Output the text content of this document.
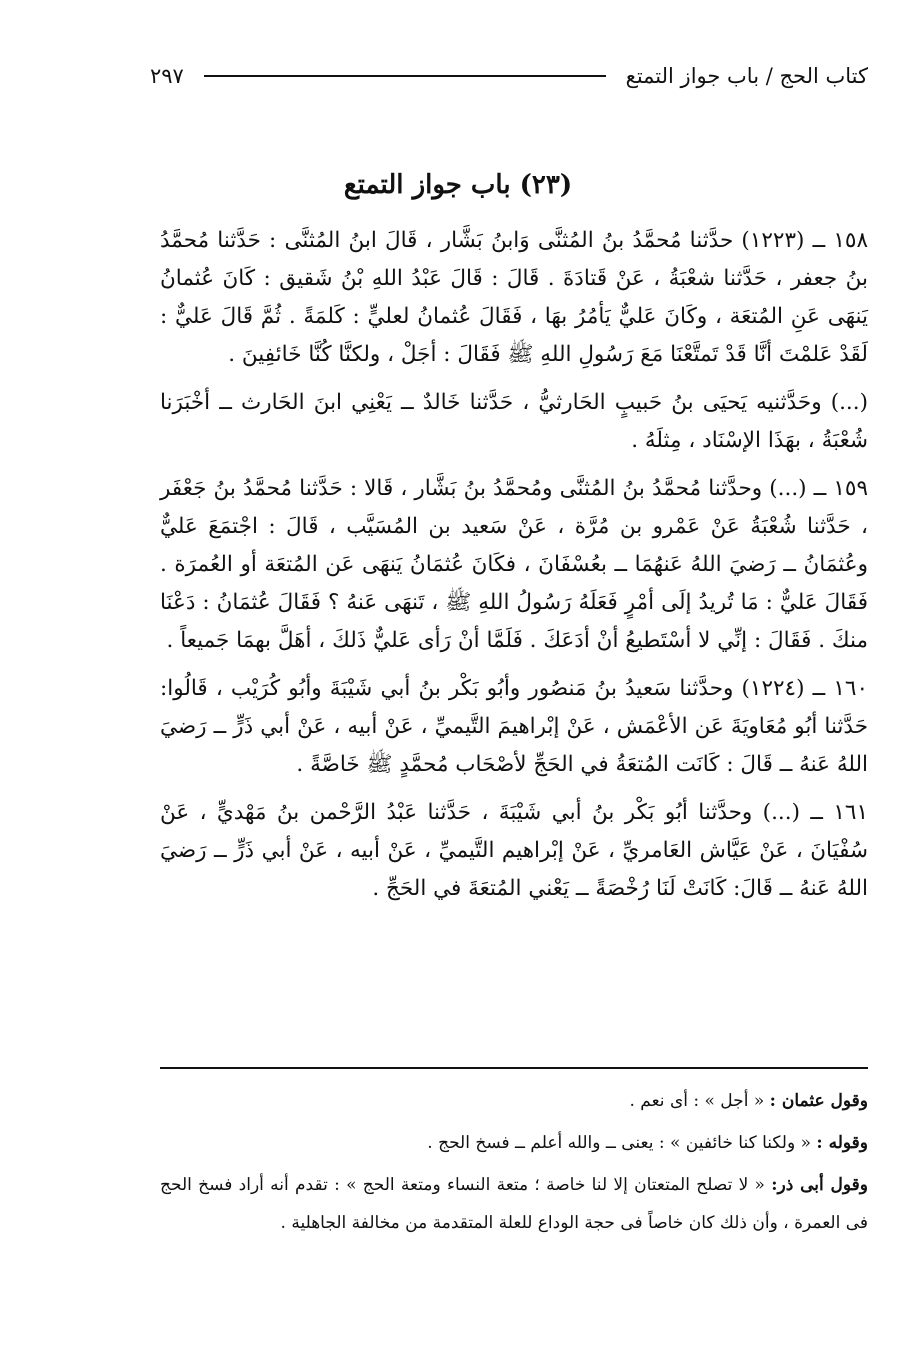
كتاب الحج / باب جواز التمتع
٢٩٧
(٢٣) باب جواز التمتع

١٥٨ ــ (١٢٢٣) حدَّثنا مُحمَّدُ بنُ المُثنَّى وَابنُ بَشَّار ، قَالَ ابنُ المُثنَّى : حَدَّثنا مُحمَّدُ بنُ جعفر ، حَدَّثنا شعْبَةُ ، عَنْ قَتادَةَ . قَالَ : قَالَ عَبْدُ اللهِ بْنُ شَقيق : كَانَ عُثمانُ يَنهَى عَنِ المُتعَة ، وكَانَ عَليٌّ يَأمُرُ بهَا ، فَقَالَ عُثمانُ لعليٍّ : كَلمَةً . ثُمَّ قَالَ عَليٌّ : لَقَدْ عَلمْتَ أنَّا قَدْ تَمتَّعْنَا مَعَ رَسُولِ اللهِ ﷺ فَقَالَ : أجَلْ ، ولكنَّا كُنَّا خَائفِينَ .

(...) وحَدَّثنيه يَحيَى بنُ حَبيبٍ الحَارثيُّ ، حَدَّثنا خَالدٌ ــ يَعْنِي ابنَ الحَارث ــ أخْبَرَنا شُعْبَةُ ، بهَذَا الإسْنَاد ، مِثلَهُ .

١٥٩ ــ (...) وحدَّثنا مُحمَّدُ بنُ المُثنَّى ومُحمَّدُ بنُ بَشَّار ، قَالا : حَدَّثنا مُحمَّدُ بنُ جَعْفَر ، حَدَّثنا شُعْبَةُ عَنْ عَمْرو بن مُرَّة ، عَنْ سَعيد بن المُسَيَّب ، قَالَ : اجْتمَعَ عَليٌّ وعُثمَانُ ــ رَضيَ اللهُ عَنهُمَا ــ بعُسْفَانَ ، فكَانَ عُثمَانُ يَنهَى عَن المُتعَة أو العُمرَة . فَقَالَ عَليٌّ : مَا تُريدُ إلَى أمْرٍ فَعَلَهُ رَسُولُ اللهِ ﷺ ، تَنهَى عَنهُ ؟ فَقَالَ عُثمَانُ : دَعْنَا منكَ . فَقَالَ : إنِّي لا أسْتَطيعُ أنْ أدَعَكَ . فَلَمَّا أنْ رَأى عَليٌّ ذَلكَ ، أهَلَّ بهمَا جَميعاً .

١٦٠ ــ (١٢٢٤) وحدَّثنا سَعيدُ بنُ مَنصُور وأبُو بَكْر بنُ أبي شَيْبَةَ وأبُو كُرَيْب ، قَالُوا: حَدَّثنا أبُو مُعَاويَةَ عَن الأعْمَش ، عَنْ إبْراهيمَ التَّيميِّ ، عَنْ أبيه ، عَنْ أبي ذَرٍّ ــ رَضيَ اللهُ عَنهُ ــ قَالَ : كَانَت المُتعَةُ في الحَجِّ لأصْحَاب مُحمَّدٍ ﷺ خَاصَّةً .

١٦١ ــ (...) وحدَّثنا أبُو بَكْر بنُ أبي شَيْبَةَ ، حَدَّثنا عَبْدُ الرَّحْمن بنُ مَهْديٍّ ، عَنْ سُفْيَانَ ، عَنْ عَيَّاش العَامريِّ ، عَنْ إبْراهيم التَّيميِّ ، عَنْ أبيه ، عَنْ أبي ذَرٍّ ــ رَضيَ اللهُ عَنهُ ــ قَالَ: كَانَتْ لَنَا رُخْصَةً ــ يَعْني المُتعَةَ في الحَجِّ .

وقول عثمان : « أجل » : أى نعم .

وقوله : « ولكنا كنا خائفين » : يعنى ــ والله أعلم ــ فسخ الحج .

وقول أبى ذر: « لا تصلح المتعتان إلا لنا خاصة ؛ متعة النساء ومتعة الحج » : تقدم أنه أراد فسخ الحج فى العمرة ، وأن ذلك كان خاصاً فى حجة الوداع للعلة المتقدمة من مخالفة الجاهلية .
